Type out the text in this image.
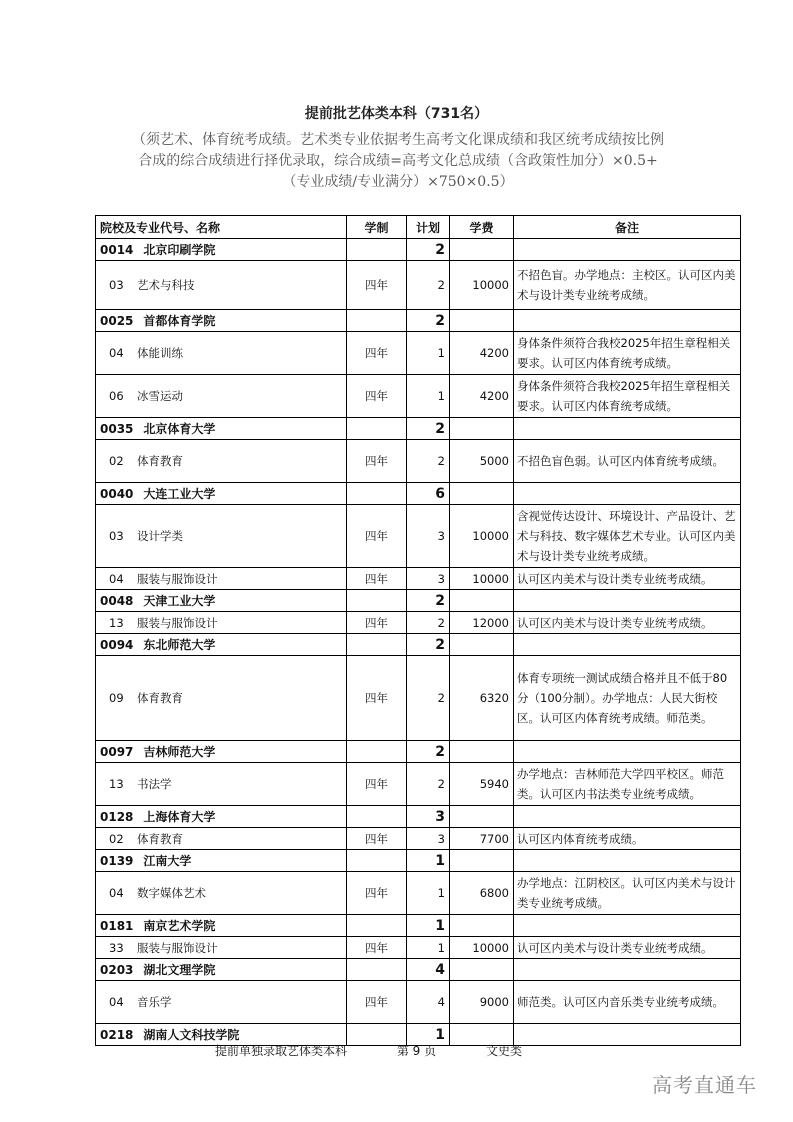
提前批艺体类本科（731名）
（须艺术、体育统考成绩。艺术类专业依据考生高考文化课成绩和我区统考成绩按比例
合成的综合成绩进行择优录取，综合成绩=高考文化总成绩（含政策性加分）×0.5+
（专业成绩/专业满分）×750×0.5）
院校及专业代号、名称	学制	计划	学费	备注
0014 北京印刷学院		2		
03 艺术与科技	四年	2	10000	不招色盲。办学地点：主校区。认可区内美术与设计类专业统考成绩。
0025 首都体育学院		2		
04 体能训练	四年	1	4200	身体条件须符合我校2025年招生章程相关要求。认可区内体育统考成绩。
06 冰雪运动	四年	1	4200	身体条件须符合我校2025年招生章程相关要求。认可区内体育统考成绩。
0035 北京体育大学		2		
02 体育教育	四年	2	5000	不招色盲色弱。认可区内体育统考成绩。
0040 大连工业大学		6		
03 设计学类	四年	3	10000	含视觉传达设计、环境设计、产品设计、艺术与科技、数字媒体艺术专业。认可区内美术与设计类专业统考成绩。
04 服装与服饰设计	四年	3	10000	认可区内美术与设计类专业统考成绩。
0048 天津工业大学		2		
13 服装与服饰设计	四年	2	12000	认可区内美术与设计类专业统考成绩。
0094 东北师范大学		2		
09 体育教育	四年	2	6320	体育专项统一测试成绩合格并且不低于80分（100分制）。办学地点：人民大街校区。认可区内体育统考成绩。师范类。
0097 吉林师范大学		2		
13 书法学	四年	2	5940	办学地点：吉林师范大学四平校区。师范类。认可区内书法类专业统考成绩。
0128 上海体育大学		3		
02 体育教育	四年	3	7700	认可区内体育统考成绩。
0139 江南大学		1		
04 数字媒体艺术	四年	1	6800	办学地点：江阴校区。认可区内美术与设计类专业统考成绩。
0181 南京艺术学院		1		
33 服装与服饰设计	四年	1	10000	认可区内美术与设计类专业统考成绩。
0203 湖北文理学院		4		
04 音乐学	四年	4	9000	师范类。认可区内音乐类专业统考成绩。
0218 湖南人文科技学院		1		
提前单独录取艺体类本科	第 9 页	文史类
高考直通车
